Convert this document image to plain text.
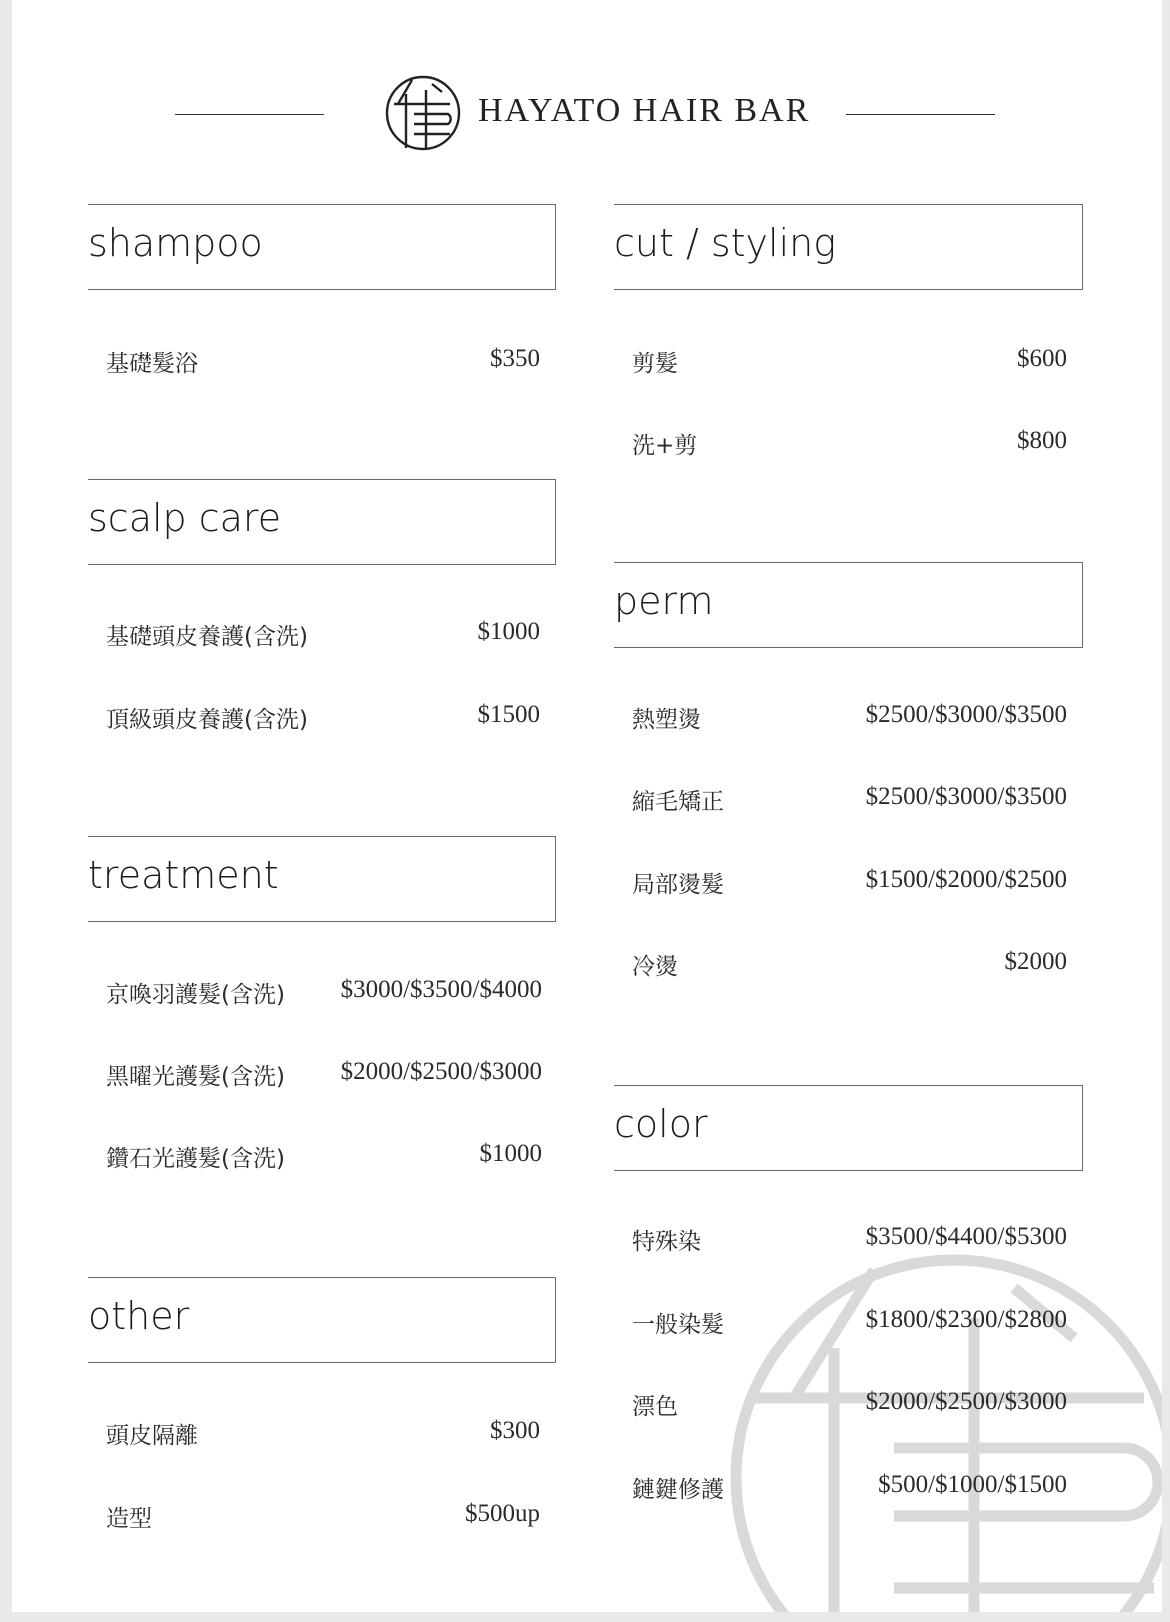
HAYATO HAIR BAR
shampoo
基礎髮浴	$350
scalp care
基礎頭皮養護(含洗)	$1000
頂級頭皮養護(含洗)	$1500
treatment
京喚羽護髮(含洗) $3000/$3500/$4000
黑曜光護髮(含洗) $2000/$2500/$3000
鑽石光護髮(含洗)	$1000
other
頭皮隔離	$300
造型	$500up
cut / styling
剪髮	$600
洗+剪	$800
perm
熱塑燙	$2500/$3000/$3500
縮毛矯正	$2500/$3000/$3500
局部燙髮	$1500/$2000/$2500
冷燙	$2000
color
特殊染	$3500/$4400/$5300
一般染髮	$1800/$2300/$2800
漂色	$2000/$2500/$3000
鏈鍵修護	$500/$1000/$1500
